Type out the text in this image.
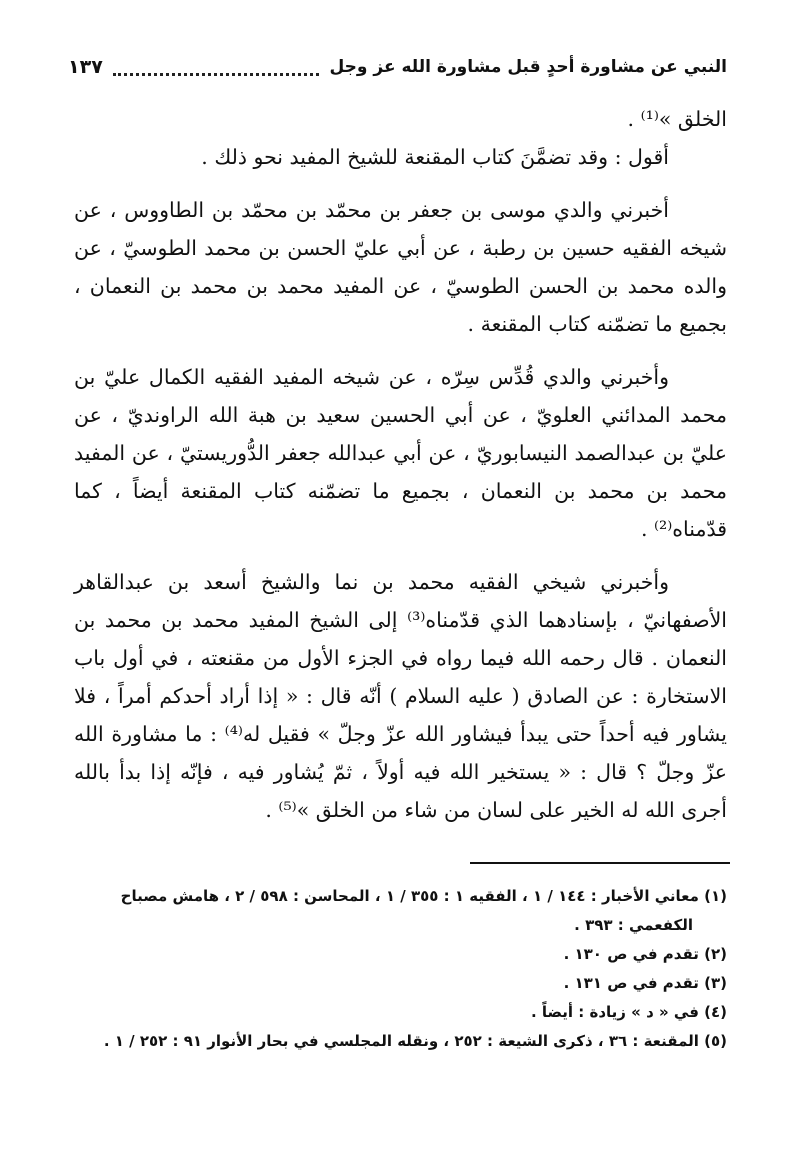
النبي عن مشاورة أحدٍ قبل مشاورة الله عز وجل
١٣٧

الخلق »⁽¹⁾ .

أقول : وقد تضمَّنَ كتاب المقنعة للشيخ المفيد نحو ذلك .

أخبرني والدي موسى بن جعفر بن محمّد بن محمّد بن الطاووس ، عن شيخه الفقيه حسين بن رطبة ، عن أبي عليّ الحسن بن محمد الطوسيّ ، عن والده محمد بن الحسن الطوسيّ ، عن المفيد محمد بن محمد بن النعمان ، بجميع ما تضمّنه كتاب المقنعة .

وأخبرني والدي قُدِّس سِرّه ، عن شيخه المفيد الفقيه الكمال عليّ بن محمد المدائني العلويّ ، عن أبي الحسين سعيد بن هبة الله الراونديّ ، عن عليّ بن عبدالصمد النيسابوريّ ، عن أبي عبدالله جعفر الدُّوريستيّ ، عن المفيد محمد بن محمد بن النعمان ، بجميع ما تضمّنه كتاب المقنعة أيضاً ، كما قدّمناه⁽²⁾ .

وأخبرني شيخي الفقيه محمد بن نما والشيخ أسعد بن عبدالقاهر الأصفهانيّ ، بإسنادهما الذي قدّمناه⁽³⁾ إلى الشيخ المفيد محمد بن محمد بن النعمان . قال رحمه الله فيما رواه في الجزء الأول من مقنعته ، في أول باب الاستخارة : عن الصادق ( عليه السلام ) أنّه قال : « إذا أراد أحدكم أمراً ، فلا يشاور فيه أحداً حتى يبدأ فيشاور الله عزّ وجلّ » فقيل له⁽⁴⁾ : ما مشاورة الله عزّ وجلّ ؟ قال : « يستخير الله فيه أولاً ، ثمّ يُشاور فيه ، فإنّه إذا بدأ بالله أجرى الله له الخير على لسان من شاء من الخلق »⁽⁵⁾ .

(١) معاني الأخبار : ١٤٤ / ١ ، الفقيه ١ : ٣٥٥ / ١ ، المحاسن : ٥٩٨ / ٢ ، هامش مصباح
الكفعمي : ٣٩٣ .
(٢) تقدم في ص ١٣٠ .
(٣) تقدم في ص ١٣١ .
(٤) في « د » زيادة : أيضاً .
(٥) المقنعة : ٣٦ ، ذكرى الشيعة : ٢٥٢ ، ونقله المجلسي في بحار الأنوار ٩١ : ٢٥٢ / ١ .
